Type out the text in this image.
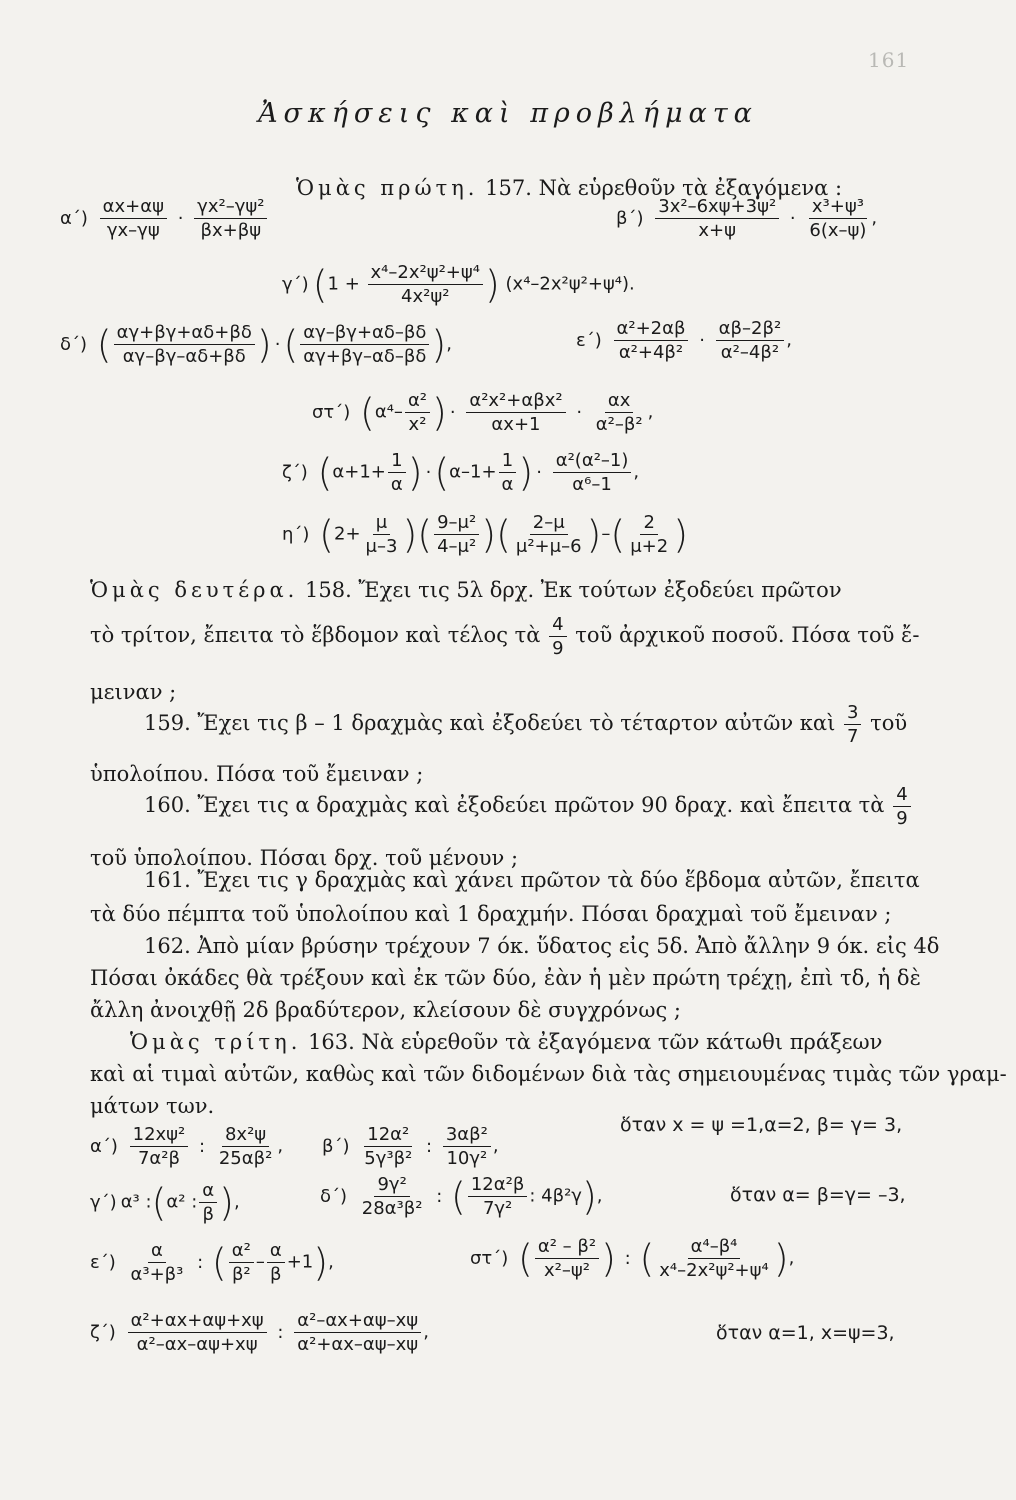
161
Ἀσκήσεις καὶ προβλήματα
Ὁμὰς πρώτη. 157. Νὰ εὑρεθοῦν τὰ ἐξαγόμενα :
$\alpha΄) \frac{\alpha x+\alpha\psi}{\gamma x-\gamma\psi} \cdot \frac{\text{γx²–γψ²}}{\beta x+\beta\psi}$	$\beta΄) \frac{\text{3x²–6xψ+3ψ²}}{x+\psi} \cdot \frac{\text{x³+ψ³}}{6(x-\psi)}$ ,
γ΄) ($1 + \frac{\text{x⁴–2x²ψ²+ψ⁴}}{\text{4x²ψ²}}$ ) (x⁴–2x²ψ²+ψ⁴).
δ΄) ( $\frac{\alpha\gamma+\beta\gamma+\alpha\delta+\beta\delta}{\alpha\gamma-\beta\gamma-\alpha\delta+\beta\delta}$ ) ·( $\frac{\alpha\gamma-\beta\gamma+\alpha\delta-\beta\delta}{\alpha\gamma+\beta\gamma-\alpha\delta-\beta\delta}$ ),	$\varepsilon΄) \frac{\text{α²+2αβ}}{\text{α²+4β²}} \cdot \frac{\text{αβ–2β²}}{\text{α²–4β²}}$ ,
στ΄) ($\alpha^4- \frac{\text{α²}}{\text{x²}}$ ) · $\frac{\text{α²x²+αβx²}}{\alpha x+1} \cdot \frac{\alpha x}{\text{α²–β²}}$ ,
ζ΄) ($\alpha+1+ \frac{1}{\alpha}$ ) $\cdot(\alpha-1+ \frac{1}{\alpha}$ ) · $\frac{\text{α²(α²–1)}}{\text{α⁶–1}}$ ,
η΄) ($2+ \frac{\mu}{\mu-3}$ )( $\frac{\text{9–μ²}}{\text{4–μ²}}$ )( $\frac{2-\mu}{\text{μ²+μ–6}}$ )–( $\frac{2}{\mu+2}$ )
Ὁμὰς δευτέρα. 158. Ἔχει τις 5λ δρχ. Ἐκ τούτων ἐξοδεύει πρῶτον
τὸ τρίτον, ἔπειτα τὸ ἕβδομον καὶ τέλος τὰ $\frac{4}{9}$ τοῦ ἀρχικοῦ ποσοῦ. Πόσα τοῦ ἔ-
μειναν ;
159. Ἔχει τις β – 1 δραχμὰς καὶ ἐξοδεύει τὸ τέταρτον αὐτῶν καὶ $\frac{3}{7}$ τοῦ
ὑπολοίπου. Πόσα τοῦ ἔμειναν ;
160. Ἔχει τις α δραχμὰς καὶ ἐξοδεύει πρῶτον 90 δραχ. καὶ ἔπειτα τὰ $\frac{4}{9}$
τοῦ ὑπολοίπου. Πόσαι δρχ. τοῦ μένουν ;
161. Ἔχει τις γ δραχμὰς καὶ χάνει πρῶτον τὰ δύο ἕβδομα αὐτῶν, ἔπειτα
τὰ δύο πέμπτα τοῦ ὑπολοίπου καὶ 1 δραχμήν. Πόσαι δραχμαὶ τοῦ ἔμειναν ;
162. Ἀπὸ μίαν βρύσην τρέχουν 7 όκ. ὕδατος εἰς 5δ. Ἀπὸ ἄλλην 9 όκ. εἰς 4δ
Πόσαι ὀκάδες θὰ τρέξουν καὶ ἐκ τῶν δύο, ἐὰν ἡ μὲν πρώτη τρέχῃ, ἐπὶ τδ, ἡ δὲ
ἄλλη ἀνοιχθῇ 2δ βραδύτερον, κλείσουν δὲ συγχρόνως ;
Ὁμὰς τρίτη. 163. Νὰ εὑρεθοῦν τὰ ἐξαγόμενα τῶν κάτωθι πράξεων
καὶ αἱ τιμαὶ αὐτῶν, καθὼς καὶ τῶν διδομένων διὰ τὰς σημειουμένας τιμὰς τῶν γραμ-
μάτων των.
$\alpha΄) \frac{\text{12xψ²}}{\text{7α²β}}$ : $\frac{\text{8x²ψ}}{\text{25αβ²}}$ , $\beta΄) \frac{\text{12α²}}{\text{5γ³β²}}$ : $\frac{\text{3αβ²}}{\text{10γ²}}$ ,
ὅταν x = ψ =1,α=2, β= γ= 3,
γ΄) α³ :(α² : $\frac{\alpha}{\beta}$ ),	$\delta΄) \frac{\text{9γ²}}{\text{28α³β²}}$ : ( $\frac{\text{12α²β}}{\text{7γ²}}$ : 4β²γ),	ὅταν α= β=γ= –3,
$\varepsilon΄) \frac{\alpha}{\text{α³+β³}}$ : ( $\frac{\text{α²}}{\text{β²}} - \frac{\alpha}{\beta} +1$),	στ΄) ( $\frac{\text{α² – β²}}{\text{x²–ψ²}}$ ) : ( $\frac{\text{α⁴–β⁴}}{\text{x⁴–2x²ψ²+ψ⁴}}$ ),
$\zeta΄) \frac{\text{α²+αx+αψ+xψ}}{\text{α²–αx–αψ+xψ}}$ : $\frac{\text{α²–αx+αψ–xψ}}{\text{α²+αx–αψ–xψ}}$ ,	ὅταν α=1, x=ψ=3,
